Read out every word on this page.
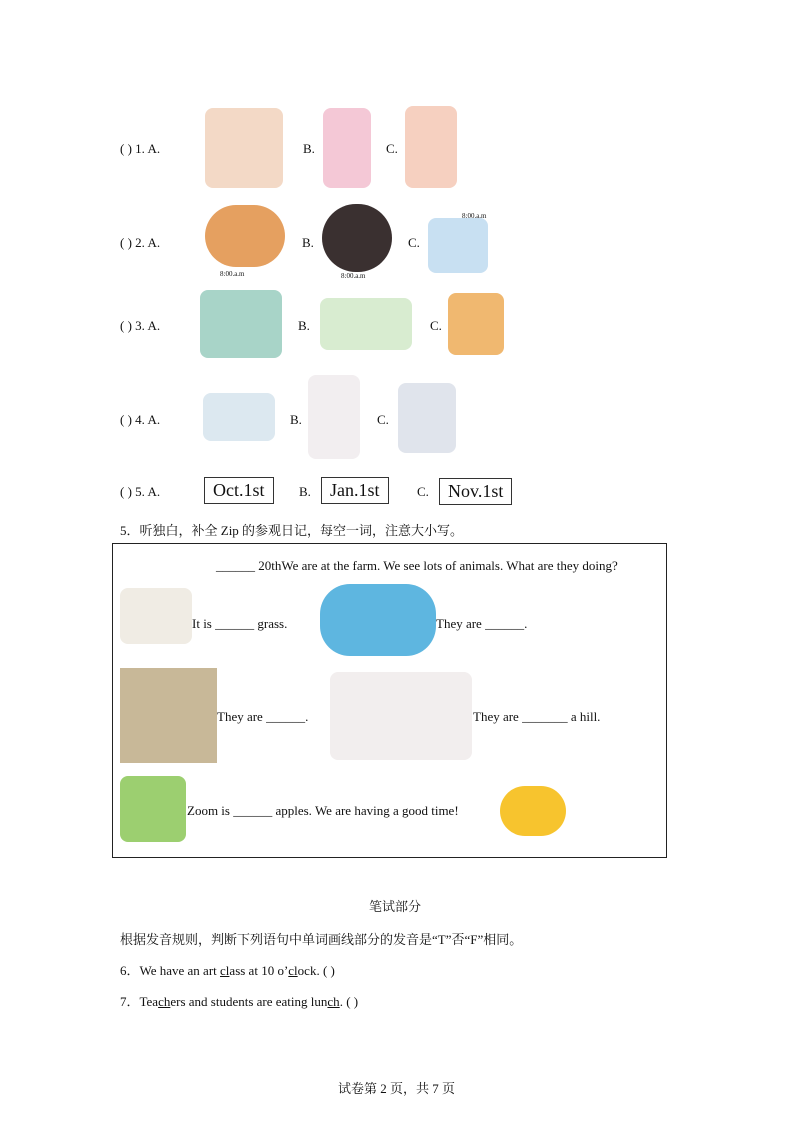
( ) 1. A.	B.	C.
( ) 2. A.
8:00.a.m
B.
8:00.a.m
C.
8:00.a.m
( ) 3. A.	B.	C.
( ) 4. A.	B.	C.
( ) 5. A.	Oct.1st	B.	Jan.1st	C.	Nov.1st
5．听独白，补全 Zip 的参观日记，每空一词，注意大小写。
______ 20thWe are at the farm. We see lots of animals. What are they doing?
It is ______ grass.	They are ______.
They are ______.	They are _______ a hill.
Zoom is ______ apples. We are having a good time!
笔试部分
根据发音规则，判断下列语句中单词画线部分的发音是“T”否“F”相同。
6．We have an art class at 10 o’clock. ( )
7．Teachers and students are eating lunch. ( )
试卷第 2 页，共 7 页
